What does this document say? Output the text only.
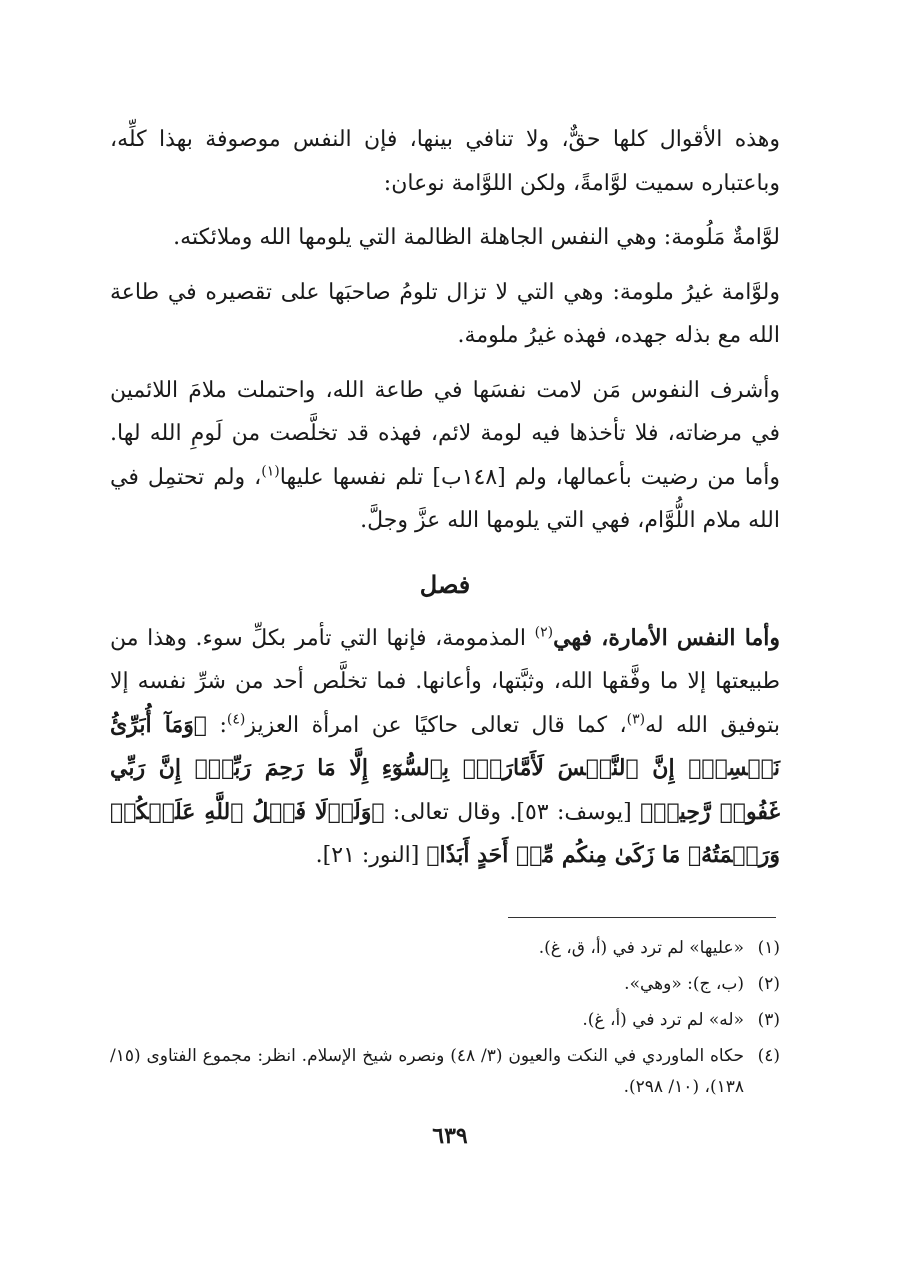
وهذه الأقوال كلها حقٌّ، ولا تنافي بينها، فإن النفس موصوفة بهذا كلِّه، وباعتباره سميت لوَّامةً، ولكن اللوَّامة نوعان:

لوَّامةٌ مَلُومة: وهي النفس الجاهلة الظالمة التي يلومها الله وملائكته.

ولوَّامة غيرُ ملومة: وهي التي لا تزال تلومُ صاحبَها على تقصيره في طاعة الله مع بذله جهده، فهذه غيرُ ملومة.

وأشرف النفوس مَن لامت نفسَها في طاعة الله، واحتملت ملامَ اللائمين في مرضاته، فلا تأخذها فيه لومة لائم، فهذه قد تخلَّصت من لَومِ الله لها. وأما من رضيت بأعمالها، ولم [١٤٨ب] تلم نفسها عليها$^{(١)}$، ولم تحتمِل في الله ملام اللُّوَّام، فهي التي يلومها الله عزَّ وجلَّ.

فصل

وأما النفس الأمارة، فهي$^{(٢)}$ المذمومة، فإنها التي تأمر بكلِّ سوء. وهذا من طبيعتها إلا ما وفَّقها الله، وثبَّتها، وأعانها. فما تخلَّص أحد من شرِّ نفسه إلا بتوفيق الله له$^{(٣)}$، كما قال تعالى حاكيًا عن امرأة العزيز$^{(٤)}$: ﴿وَمَآ أُبَرِّئُ نَفۡسِيٓۚ إِنَّ ٱلنَّفۡسَ لَأَمَّارَةُۢ بِٱلسُّوٓءِ إِلَّا مَا رَحِمَ رَبِّيٓۚ إِنَّ رَبِّي غَفُورٞ رَّحِيمٞ﴾ [يوسف: ٥٣]. وقال تعالى: ﴿وَلَوۡلَا فَضۡلُ ٱللَّهِ عَلَيۡكُمۡ وَرَحۡمَتُهُۥ مَا زَكَىٰ مِنكُم مِّنۡ أَحَدٍ أَبَدٗا﴾ [النور: ٢١].

(١)
«عليها» لم ترد في (أ، ق، غ).
(٢)
(ب، ج): «وهي».
(٣)
«له» لم ترد في (أ، غ).
(٤)
حكاه الماوردي في النكت والعيون (٣/ ٤٨) ونصره شيخ الإسلام. انظر: مجموع الفتاوى (١٥/ ١٣٨)، (١٠/ ٢٩٨).
٦٣٩
